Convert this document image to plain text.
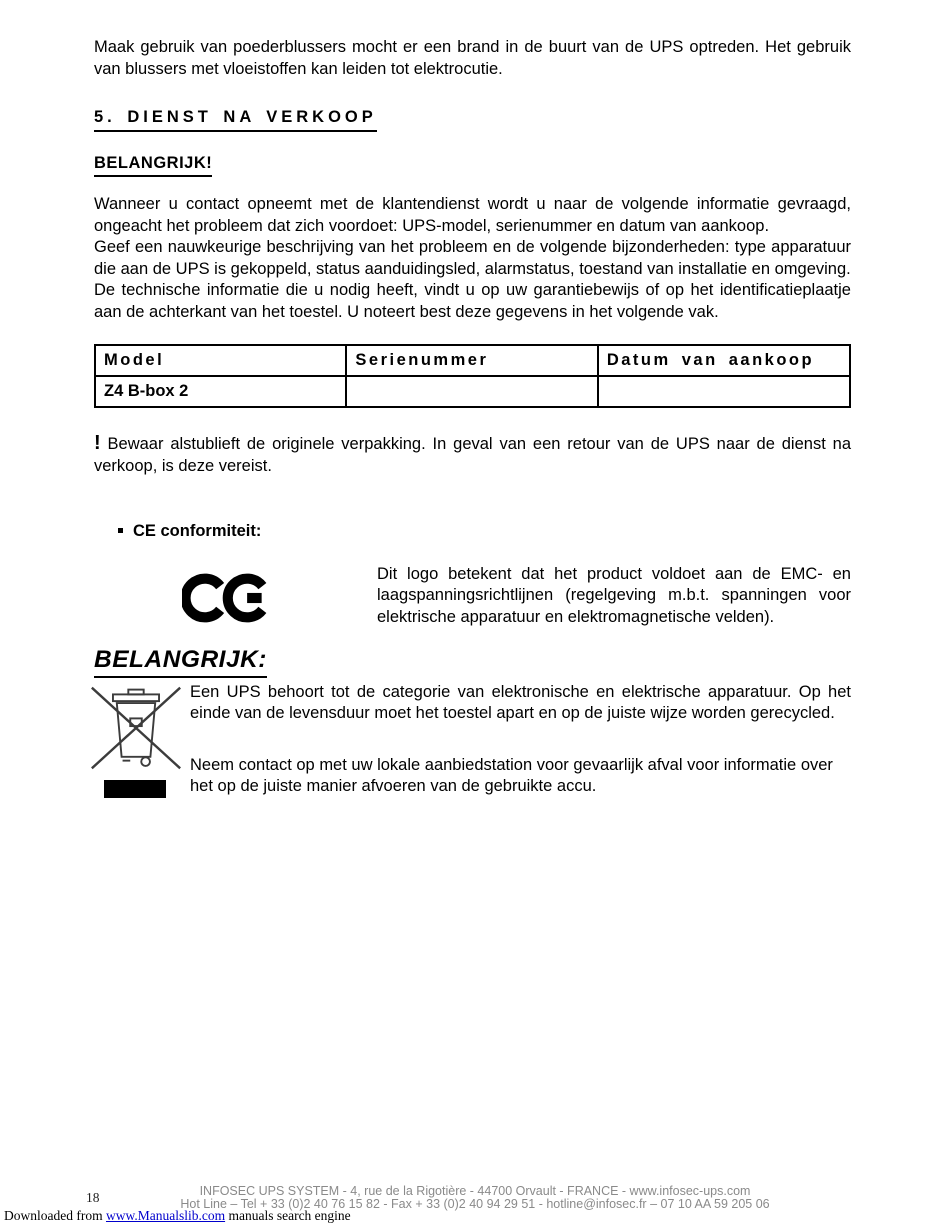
Maak gebruik van poederblussers mocht er een brand in de buurt van de UPS optreden. Het gebruik van blussers met vloeistoffen kan leiden tot elektrocutie.

5. DIENST NA VERKOOP
BELANGRIJK!

Wanneer u contact opneemt met de klantendienst wordt u naar de volgende informatie gevraagd, ongeacht het probleem dat zich voordoet: UPS-model, serienummer en datum van aankoop.

Geef een nauwkeurige beschrijving van het probleem en de volgende bijzonderheden: type apparatuur die aan de UPS is gekoppeld, status aanduidingsled, alarmstatus, toestand van installatie en omgeving.

De technische informatie die u nodig heeft, vindt u op uw garantiebewijs of op het identificatieplaatje aan de achterkant van het toestel. U noteert best deze gegevens in het volgende vak.

Model	Serienummer	Datum van aankoop
Z4 B-box 2		

! Bewaar alstublieft de originele verpakking. In geval van een retour van de UPS naar de dienst na verkoop, is deze vereist.

CE conformiteit:

Dit logo betekent dat het product voldoet aan de EMC- en laagspanningsrichtlijnen (regelgeving m.b.t. spanningen voor elektrische apparatuur en elektromagnetische velden).

BELANGRIJK:

Een UPS behoort tot de categorie van elektronische en elektrische apparatuur. Op het einde van de levensduur moet het toestel apart en op de juiste wijze worden gerecycled.

Neem contact op met uw lokale aanbiedstation voor gevaarlijk afval voor informatie over het op de juiste manier afvoeren van de gebruikte accu.

18	INFOSEC UPS SYSTEM - 4, rue de la Rigotière - 44700 Orvault - FRANCE - www.infosec-ups.com
Hot Line – Tel + 33 (0)2 40 76 15 82 - Fax + 33 (0)2 40 94 29 51 - hotline@infosec.fr – 07 10 AA 59 205 06
Downloaded from www.Manualslib.com manuals search engine
